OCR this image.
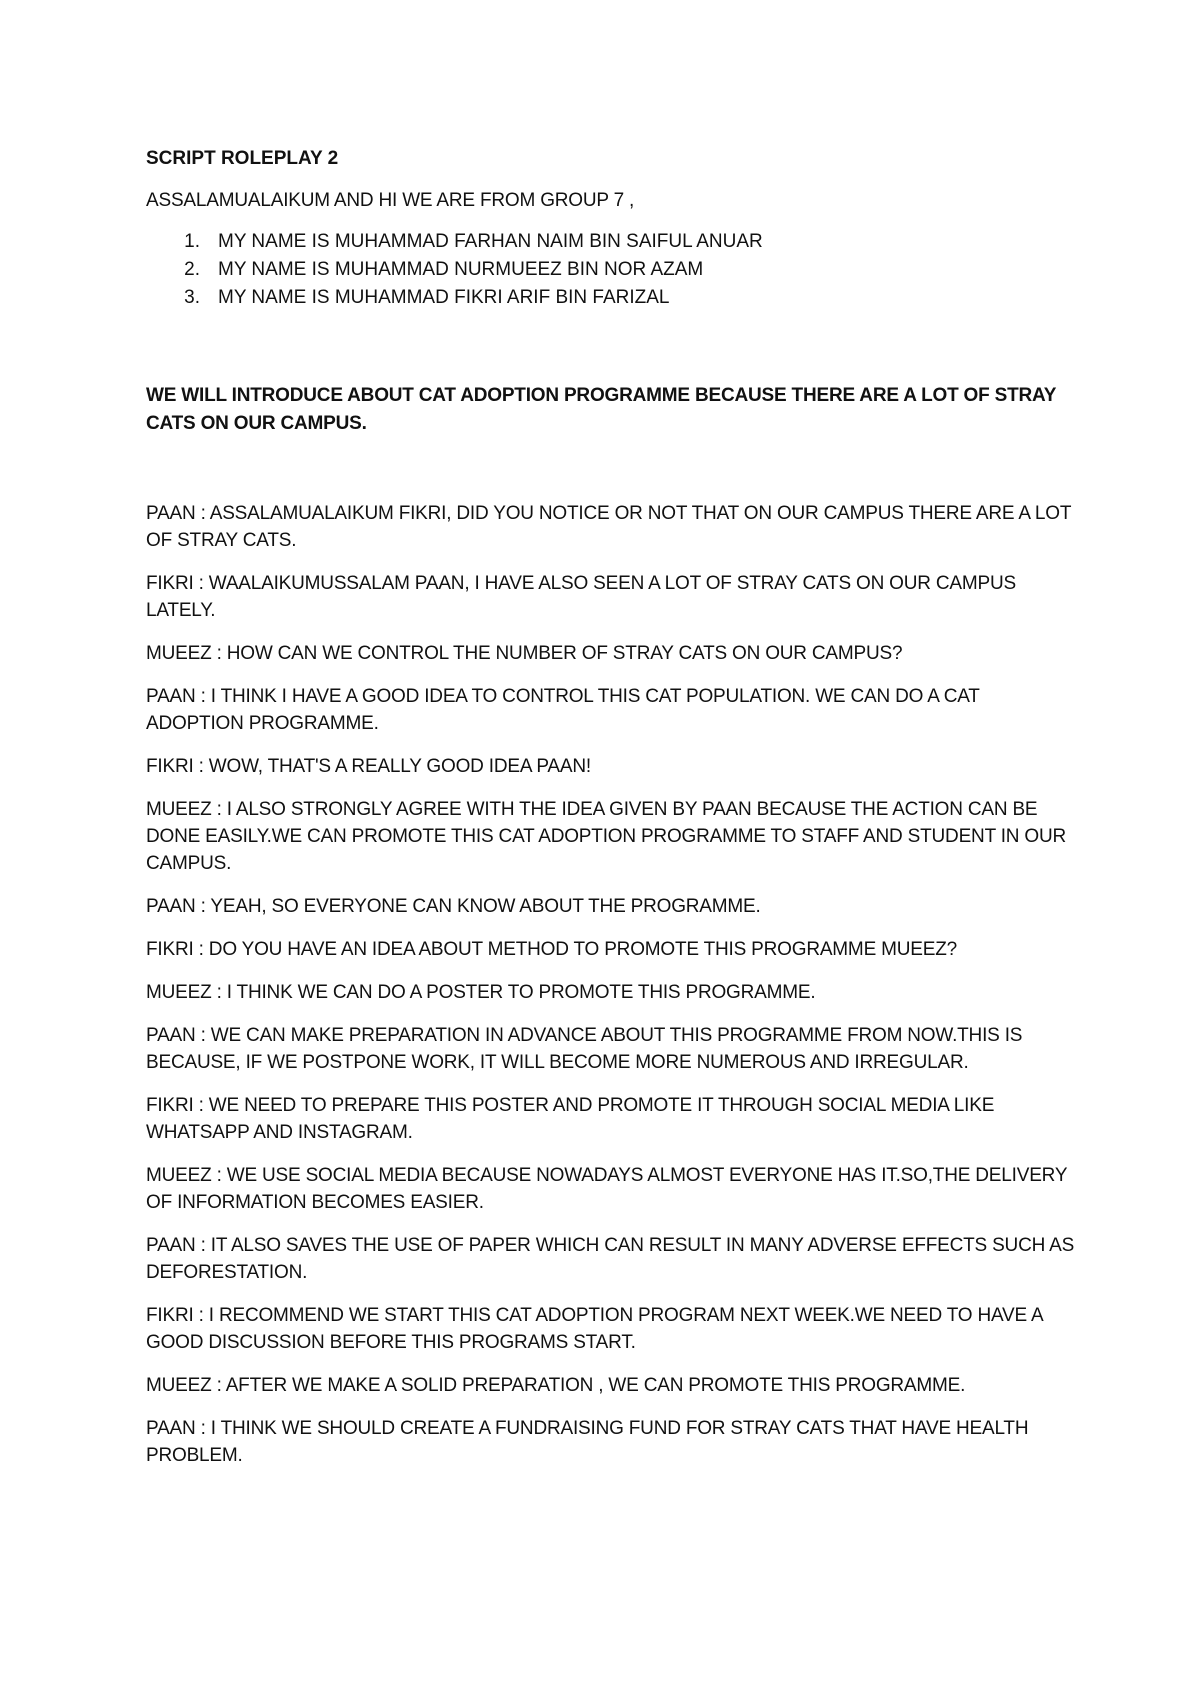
SCRIPT ROLEPLAY 2
ASSALAMUALAIKUM AND HI WE ARE FROM GROUP 7 ,
1. MY NAME IS MUHAMMAD FARHAN NAIM BIN SAIFUL ANUAR
2. MY NAME IS MUHAMMAD NURMUEEZ BIN NOR AZAM
3. MY NAME IS MUHAMMAD FIKRI ARIF BIN FARIZAL
WE WILL INTRODUCE ABOUT CAT ADOPTION PROGRAMME BECAUSE THERE ARE A LOT OF STRAY CATS ON OUR CAMPUS.

PAAN : ASSALAMUALAIKUM FIKRI, DID YOU NOTICE OR NOT THAT ON OUR CAMPUS THERE ARE A LOT OF STRAY CATS.

FIKRI : WAALAIKUMUSSALAM PAAN, I HAVE ALSO SEEN A LOT OF STRAY CATS ON OUR CAMPUS LATELY.

MUEEZ : HOW CAN WE CONTROL THE NUMBER OF STRAY CATS ON OUR CAMPUS?

PAAN : I THINK I HAVE A GOOD IDEA TO CONTROL THIS CAT POPULATION. WE CAN DO A CAT ADOPTION PROGRAMME.

FIKRI : WOW, THAT'S A REALLY GOOD IDEA PAAN!

MUEEZ : I ALSO STRONGLY AGREE WITH THE IDEA GIVEN BY PAAN BECAUSE THE ACTION CAN BE DONE EASILY.WE CAN PROMOTE THIS CAT ADOPTION PROGRAMME TO STAFF AND STUDENT IN OUR CAMPUS.

PAAN : YEAH, SO EVERYONE CAN KNOW ABOUT THE PROGRAMME.

FIKRI : DO YOU HAVE AN IDEA ABOUT METHOD TO PROMOTE THIS PROGRAMME MUEEZ?

MUEEZ : I THINK WE CAN DO A POSTER TO PROMOTE THIS PROGRAMME.

PAAN : WE CAN MAKE PREPARATION IN ADVANCE ABOUT THIS PROGRAMME FROM NOW.THIS IS BECAUSE, IF WE POSTPONE WORK, IT WILL BECOME MORE NUMEROUS AND IRREGULAR.

FIKRI : WE NEED TO PREPARE THIS POSTER AND PROMOTE IT THROUGH SOCIAL MEDIA LIKE WHATSAPP AND INSTAGRAM.

MUEEZ : WE USE SOCIAL MEDIA BECAUSE NOWADAYS ALMOST EVERYONE HAS IT.SO,THE DELIVERY OF INFORMATION BECOMES EASIER.

PAAN : IT ALSO SAVES THE USE OF PAPER WHICH CAN RESULT IN MANY ADVERSE EFFECTS SUCH AS DEFORESTATION.

FIKRI : I RECOMMEND WE START THIS CAT ADOPTION PROGRAM NEXT WEEK.WE NEED TO HAVE A GOOD DISCUSSION BEFORE THIS PROGRAMS START.

MUEEZ : AFTER WE MAKE A SOLID PREPARATION , WE CAN PROMOTE THIS PROGRAMME.

PAAN : I THINK WE SHOULD CREATE A FUNDRAISING FUND FOR STRAY CATS THAT HAVE HEALTH PROBLEM.
